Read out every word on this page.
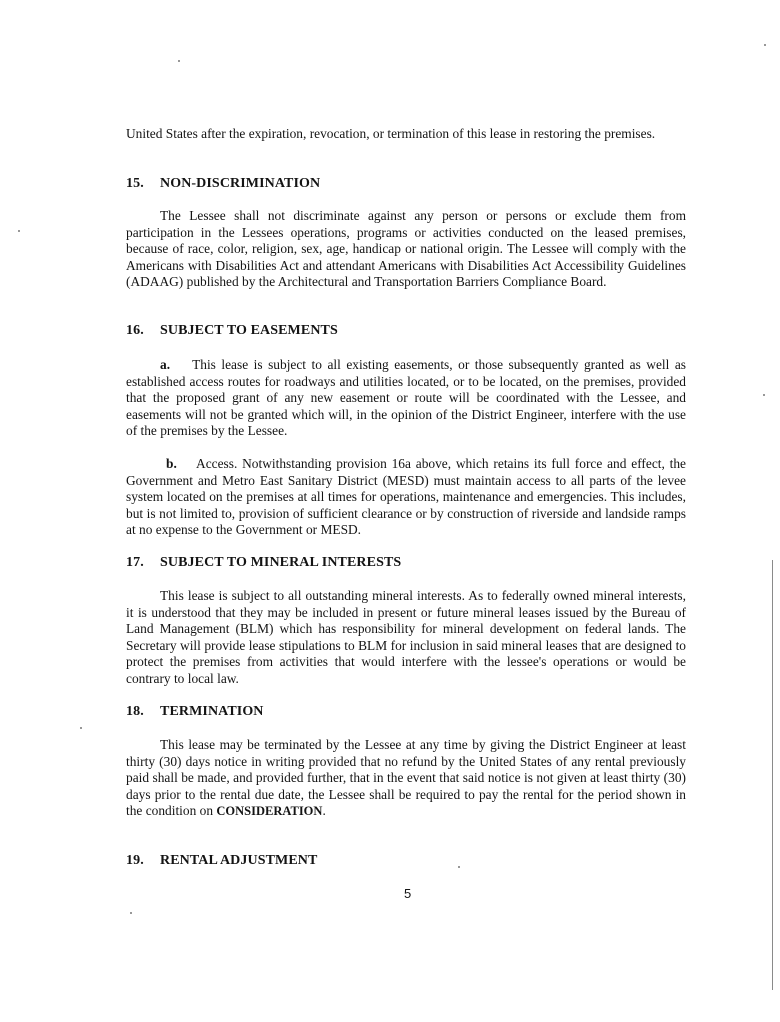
United States after the expiration, revocation, or termination of this lease in restoring the premises.

15. NON-DISCRIMINATION

The Lessee shall not discriminate against any person or persons or exclude them from participation in the Lessees operations, programs or activities conducted on the leased premises, because of race, color, religion, sex, age, handicap or national origin. The Lessee will comply with the Americans with Disabilities Act and attendant Americans with Disabilities Act Accessibility Guidelines (ADAAG) published by the Architectural and Transportation Barriers Compliance Board.

16. SUBJECT TO EASEMENTS

a. This lease is subject to all existing easements, or those subsequently granted as well as established access routes for roadways and utilities located, or to be located, on the premises, provided that the proposed grant of any new easement or route will be coordinated with the Lessee, and easements will not be granted which will, in the opinion of the District Engineer, interfere with the use of the premises by the Lessee.

b. Access. Notwithstanding provision 16a above, which retains its full force and effect, the Government and Metro East Sanitary District (MESD) must maintain access to all parts of the levee system located on the premises at all times for operations, maintenance and emergencies. This includes, but is not limited to, provision of sufficient clearance or by construction of riverside and landside ramps at no expense to the Government or MESD.

17. SUBJECT TO MINERAL INTERESTS

This lease is subject to all outstanding mineral interests. As to federally owned mineral interests, it is understood that they may be included in present or future mineral leases issued by the Bureau of Land Management (BLM) which has responsibility for mineral development on federal lands. The Secretary will provide lease stipulations to BLM for inclusion in said mineral leases that are designed to protect the premises from activities that would interfere with the lessee's operations or would be contrary to local law.

18. TERMINATION

This lease may be terminated by the Lessee at any time by giving the District Engineer at least thirty (30) days notice in writing provided that no refund by the United States of any rental previously paid shall be made, and provided further, that in the event that said notice is not given at least thirty (30) days prior to the rental due date, the Lessee shall be required to pay the rental for the period shown in the condition on CONSIDERATION.

19. RENTAL ADJUSTMENT
5
